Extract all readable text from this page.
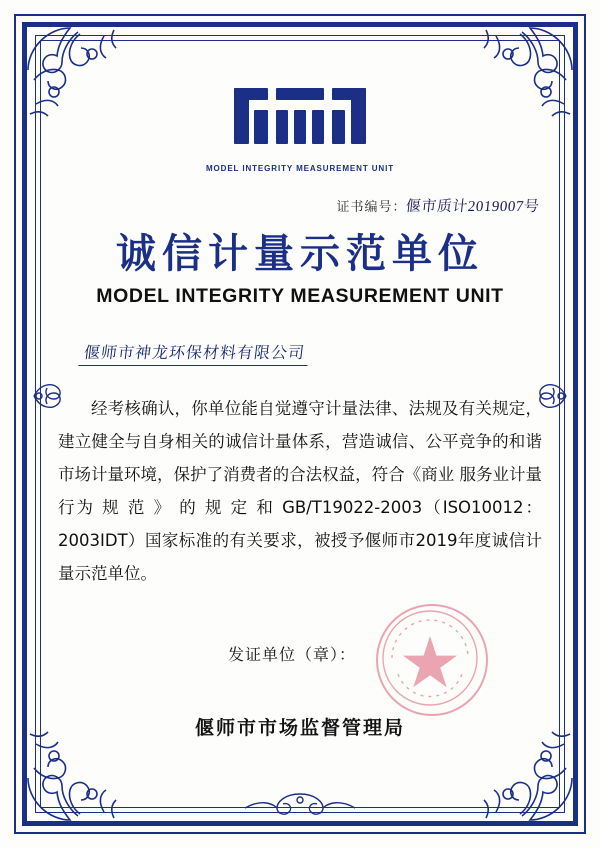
MODEL INTEGRITY MEASUREMENT UNIT
证书编号：偃市质计2019007号
诚信计量示范单位
MODEL INTEGRITY MEASUREMENT UNIT
偃师市神龙环保材料有限公司

经考核确认，你单位能自觉遵守计量法律、法规及有关规定，建立健全与自身相关的诚信计量体系，营造诚信、公平竞争的和谐市场计量环境，保护了消费者的合法权益，符合《商业 服务业计量行为 规 范 》 的 规 定 和 GB/T19022-2003（ISO10012：2003IDT）国家标准的有关要求，被授予偃师市2019年度诚信计量示范单位。

发证单位（章）：
偃师市市场监督管理局
